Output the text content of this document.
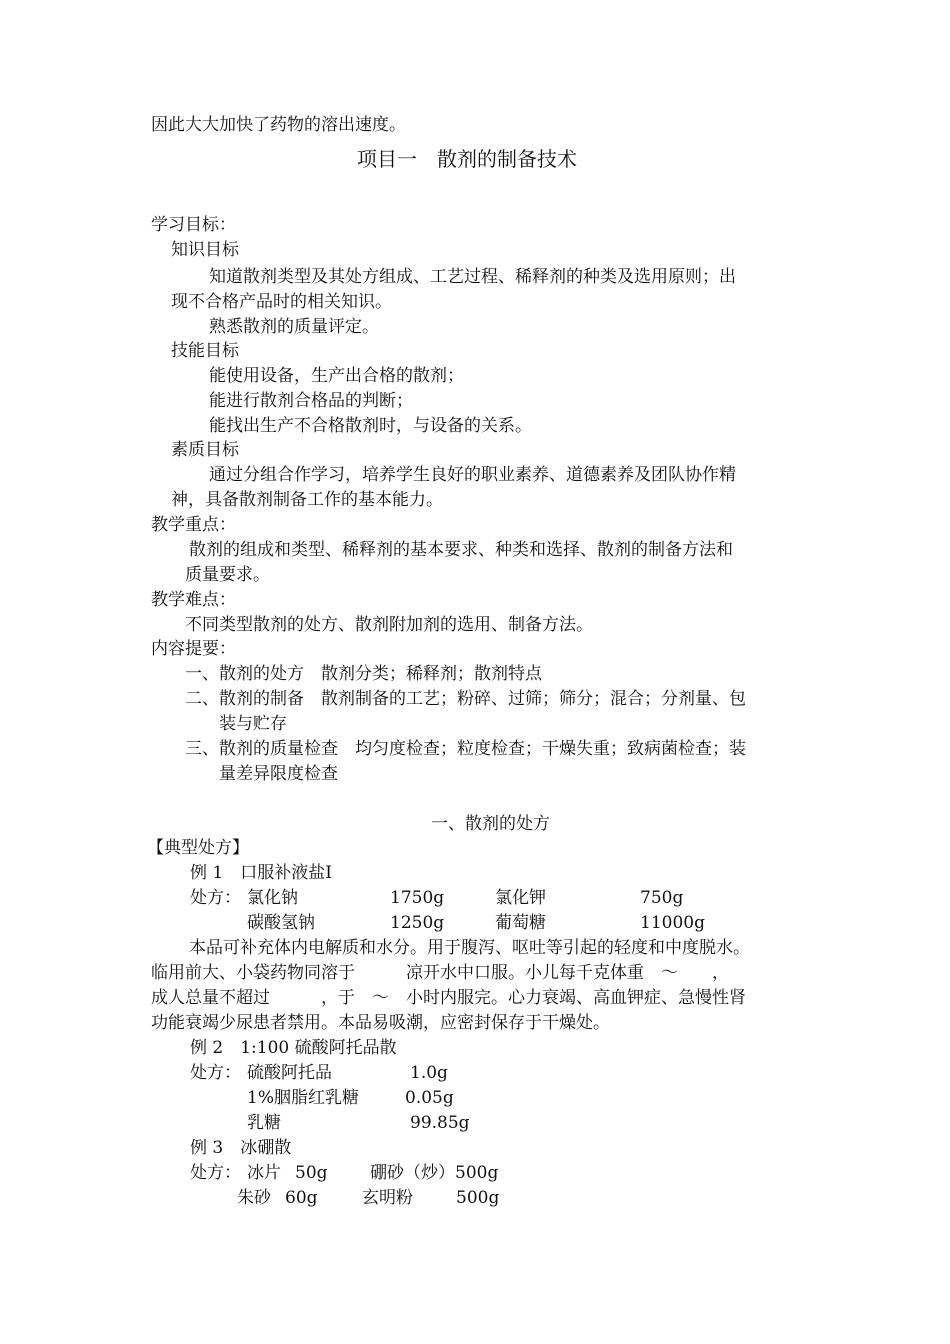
因此大大加快了药物的溶出速度。
项目一　散剂的制备技术
学习目标：
知识目标
知道散剂类型及其处方组成、工艺过程、稀释剂的种类及选用原则；出
现不合格产品时的相关知识。
熟悉散剂的质量评定。
技能目标
能使用设备，生产出合格的散剂；
能进行散剂合格品的判断；
能找出生产不合格散剂时，与设备的关系。
素质目标
通过分组合作学习，培养学生良好的职业素养、道德素养及团队协作精
神，具备散剂制备工作的基本能力。
教学重点：
散剂的组成和类型、稀释剂的基本要求、种类和选择、散剂的制备方法和
质量要求。
教学难点：
不同类型散剂的处方、散剂附加剂的选用、制备方法。
内容提要：
一、散剂的处方　散剂分类；稀释剂；散剂特点
二、散剂的制备　散剂制备的工艺；粉碎、过筛；筛分；混合；分剂量、包
装与贮存
三、散剂的质量检查　均匀度检查；粒度检查；干燥失重；致病菌检查；装
量差异限度检查
一、散剂的处方
【典型处方】
例 1　口服补液盐Ⅰ
处方： 氯化钠	1750g	氯化钾	750g
碳酸氢钠	1250g	葡萄糖	11000g
本品可补充体内电解质和水分。用于腹泻、呕吐等引起的轻度和中度脱水。
临用前大、小袋药物同溶于　　　凉开水中口服。小儿每千克体重　～　　，
成人总量不超过　　　，于　～　小时内服完。心力衰竭、高血钾症、急慢性肾
功能衰竭少尿患者禁用。本品易吸潮，应密封保存于干燥处。
例 2　1:100 硫酸阿托品散
处方： 硫酸阿托品	1.0g
1%胭脂红乳糖	0.05g
乳糖	99.85g
例 3　冰硼散
处方： 冰片 50g 硼砂（炒）500g
朱砂 60g	玄明粉	500g
